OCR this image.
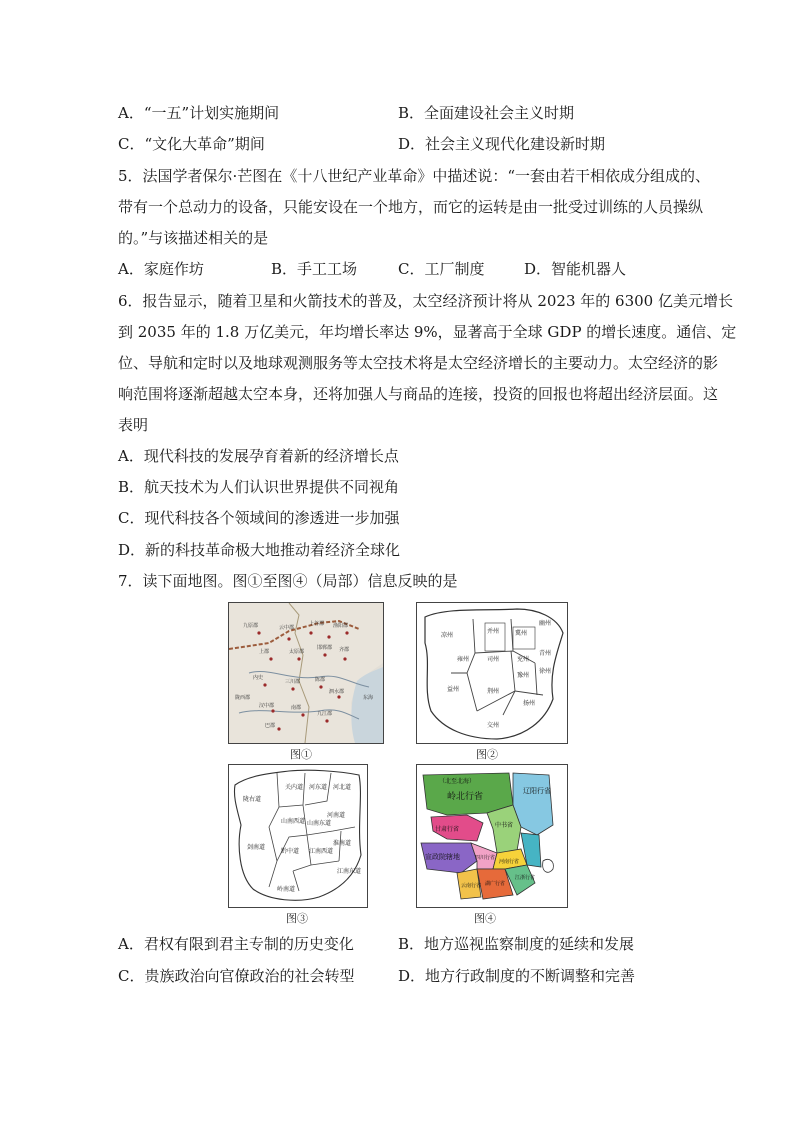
A．“一五”计划实施期间	B．全面建设社会主义时期
C．“文化大革命”期间	D．社会主义现代化建设新时期
5．法国学者保尔·芒图在《十八世纪产业革命》中描述说：“一套由若干相依成分组成的、
带有一个总动力的设备，只能安设在一个地方，而它的运转是由一批受过训练的人员操纵
的。”与该描述相关的是
A．家庭作坊	B．手工工场	C．工厂制度	D．智能机器人
6．报告显示，随着卫星和火箭技术的普及，太空经济预计将从 2023 年的 6300 亿美元增长
到 2035 年的 1.8 万亿美元，年均增长率达 9%，显著高于全球 GDP 的增长速度。通信、定
位、导航和定时以及地球观测服务等太空技术将是太空经济增长的主要动力。太空经济的影
响范围将逐渐超越太空本身，还将加强人与商品的连接，投资的回报也将超出经济层面。这
表明
A．现代科技的发展孕育着新的经济增长点
B．航天技术为人们认识世界提供不同视角
C．现代科技各个领域间的渗透进一步加强
D．新的科技革命极大地推动着经济全球化
7．读下面地图。图①至图④（局部）信息反映的是
九原郡	云中郡
上谷郡 渔阳郡
上郡	太原郡
邯郸郡 齐郡
内史
三川郡	陈郡
泗水郡
汉中郡	南郡
九江郡
巴郡
陇西郡	东海
图①
凉州
并州	冀州
幽州
青州
雍州	司州	兖州
徐州
豫州
荆州
扬州
益州
交州
图②
陇右道
关内道 河东道 河北道
河南道
山南西道 山南东道
淮南道
剑南道
黔中道 江南西道
江南东道
岭南道
图③
（北至北海）
岭北行省
辽阳行省
中书省
甘肃行省
河南行省
宣政院辖地	四川行省
云南行省 湖广行省
江浙行省
图④
A．君权有限到君主专制的历史变化	B．地方巡视监察制度的延续和发展
C．贵族政治向官僚政治的社会转型	D．地方行政制度的不断调整和完善
